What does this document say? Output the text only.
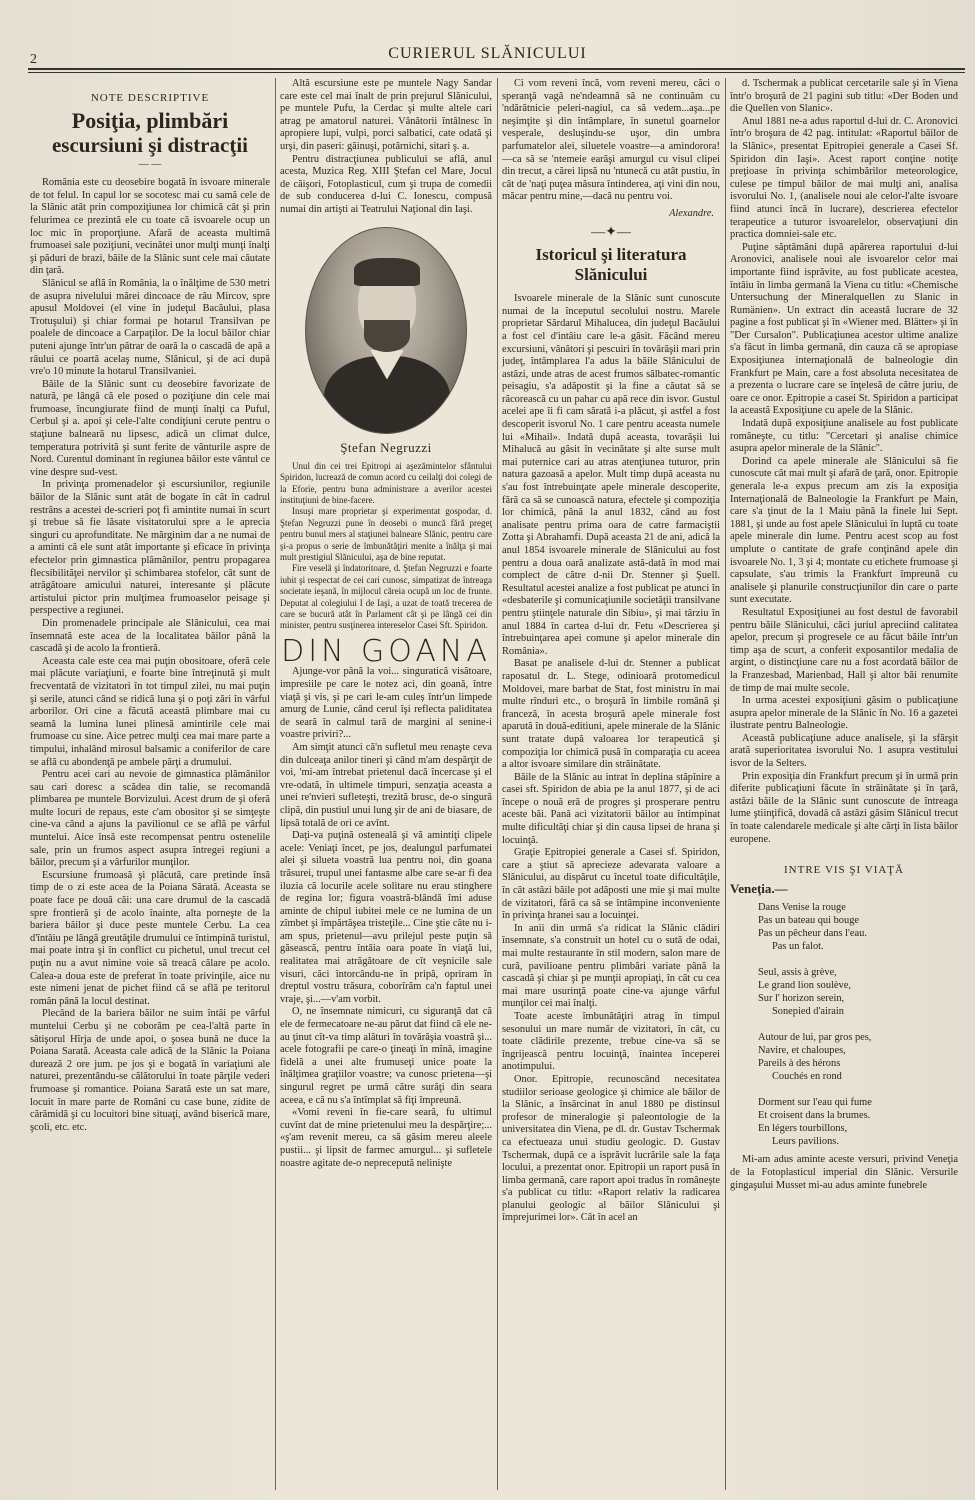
2	CURIERUL SLĂNICULUI
NOTE DESCRIPTIVE
Posiţia, plimbări
escursiuni şi distracţii
— —

România este cu deosebire bogată în isvoare minerale de tot felul. In capul lor se socotesc mai cu samă cele de la Slănic atât prin compoziţiunea lor chimică cât şi prin felurimea ce prezintă ele cu toate că isvoarele ocup un loc mic în proporţiune. Afară de aceasta multimă frumoasei sale poziţiuni, vecinătei unor mulţi munţi înalţi şi păduri de brazi, băile de la Slănic sunt cele mai căutate din ţară.

Slănicul se află în România, la o înălţime de 530 metri de asupra nivelului mărei dincoace de râu Mircov, spre apusul Moldovei (el vine în judeţul Bacăului, plasa Trotuşului) şi chiar formai pe hotarul Transilvan pe poalele de dincoace a Carpaţilor. De la locul băilor chiar puteni ajunge într'un pătrar de oară la o cascadă de apă a râului ce poartă acelaş nume, Slănicul, şi de aci după vre'o 10 minute la hotarul Transilvaniei.

Băile de la Slănic sunt cu deosebire favorizate de natură, pe lângă că ele posed o poziţiune din cele mai frumoase, încungiurate fiind de munţi înalţi ca Puful, Cerbul şi a. apoi şi cele-l'alte condiţiuni cerute pentru o staţiune balneară nu lipsesc, adică un climat dulce, temperatura potrivită şi sunt ferite de vânturile aspre de Nord. Curentul dominant în regiunea băilor este vântul ce vine despre sud-vest.

In privinţa promenadelor şi escursiunilor, regiunile băilor de la Slănic sunt atât de bogate în cât în cadrul restrâns a acestei de-scrieri poţ fi amintite numai în scurt şi trebue să fie lăsate visitatorului spre a le aprecia singuri cu aprofunditate. Ne mărginim dar a ne numai de a aminti că ele sunt atât importante şi eficace în privinţa efectelor prin gimnastica plămânilor, pentru propagarea flecsibilităţei nervilor şi schimbarea stofelor, cât sunt de atrăgătoare amicului naturei, interesante şi plăcute artistului pictor prin mulţimea frumoaselor peisage şi perspective a regiunei.

Din promenadele principale ale Slănicului, cea mai însemnată este acea de la localitatea băilor până la cascadă şi de acolo la frontieră.

Aceasta cale este cea mai puţin obositoare, oferă cele mai plăcute variaţiuni, e foarte bine întreţinută şi mult frecventată de vizitatori în tot timpul zilei, nu mai puţin şi serile, atunci când se ridică luna şi o poţi zări în vârful arborilor. Ori cine a făcută această plimbare mai cu seamă la lumina lunei plinesă amintirile cele mai frumoase cu sine. Aice petrec mulţi cea mai mare parte a timpului, inhalând mirosul balsamic a coniferilor de care se află cu abondenţă pe ambele părţi a drumului.

Pentru acei cari au nevoie de gimnastica plămânilor sau cari doresc a scădea din talie, se recomandă plimbarea pe muntele Borvizului. Acest drum de şi oferă multe locuri de repaus, este c'am obositor şi se simţeşte cine-va când a ajuns la pavilionul ce se află pe vârful muntelui. Aice însă este recompensat pentru ostenelile sale, prin un frumos aspect asupra întregei regiuni a băilor, precum şi a vârfurilor munţilor.

Escursiune frumoasă şi plăcută, care pretinde însă timp de o zi este acea de la Poiana Sărată. Aceasta se poate face pe două căi: una care drumul de la cascadă spre frontieră şi de acolo înainte, alta porneşte de la bariera băilor şi duce peste muntele Cerbu. La cea d'întâiu pe lângă greutăţile drumului ce întimpină turistul, mai poate intra şi în conflict cu pichetul, unul trecut cel puţin nu a avut nimine voie să treacă călare pe acolo. Calea-a doua este de preferat în toate privinţile, aice nu este nimeni jenat de pichet fiind că se află pe teritorul român până la locul destinat.

Plecând de la bariera băilor ne suim întâi pe vârful muntelui Cerbu şi ne coborâm pe cea-l'altă parte în sătişorul Hîrja de unde apoi, o şosea bună ne duce la Poiana Sarată. Aceasta cale adică de la Slănic la Poiana durează 2 ore jum. pe jos şi e bogată în variaţiuni ale naturei, prezentându-se călătorului în toate părţile vederi frumoase şi romantice. Poiana Sarată este un sat mare, locuit în mare parte de Români cu case bune, zidite de cărămidă şi cu locuitori bine situaţi, având biserică mare, şcoli, etc. etc.

Altă escursiune este pe muntele Nagy Sandar care este cel mai înalt de prin prejurul Slănicului, pe muntele Pufu, la Cerdac şi multe altele cari atrag pe amatorul naturei. Vânătorii întâlnesc în apropiere lupi, vulpi, porci salbatici, cate odată şi urşi, din paseri: găinuşi, potârnichi, sitari ş. a.

Pentru distracţiunea publicului se află, anul acesta, Muzica Reg. XIII Ştefan cel Mare, Jocul de căişori, Fotoplasticul, cum şi trupa de comedii de sub conducerea d-lui C. Ionescu, compusă numai din artişti ai Teatrului Naţional din Iaşi.

Ştefan Negruzzi

Unul din cei trei Epitropi ai aşezămintelor sfântului Spiridon, lucrează de comun acord cu ceilalţi doi colegi de la Eforie, pentru buna administrare a averilor acestei instituţiuni de bine-facere.

Insuşi mare proprietar şi experimentat gospodar, d. Ştefan Negruzzi pune în deosebi o muncă fără pregeţ pentru bunul mers al staţiunei balneare Slănic, pentru care şi-a propus o serie de îmbunătăţiri menite a înălţa şi mai mult prestigiul Slănicului, aşa de bine reputat.

Fire veselă şi îndatoritoare, d. Ştefan Negruzzi e foarte iubit şi respectat de cei cari cunosc, simpatizat de întreaga societate ieşană, în mijlocul căreia ocupă un loc de frunte. Deputat al colegiului I de Iaşi, a uzat de toată trecerea de care se bucură atât în Parlament cât şi pe lângă cei din minister, pentru susţinerea intereselor Casei Sft. Spiridon.

DIN GOANA

Ajunge-vor până la voi... singuratică visătoare, impresiile pe care le notez aci, din goană, între viaţă şi vis, şi pe cari le-am culeș într'un limpede amurg de Lunie, când cerul îşi reflecta paliditatea de seară în calmul tară de margini al senine-i voastre priviri?...

Am simţit atunci că'n sufletul meu renaşte ceva din dulceaţa anilor tineri şi când m'am despărţit de voi, 'mi-am întrebat prietenul dacă încercase şi el vre-odată, în ultimele timpuri, senzaţia aceasta a unei re'nvieri sufleteşti, trezită brusc, de-o singură clipă, din pustiul unui lung şir de ani de biasare, de lipsă totală de ori ce avînt.

Daţi-va puţină osteneală şi vă amintiţi clipele acele: Veniaţi încet, pe jos, dealungul parfumatei alei şi silueta voastră lua pentru noi, din goana trăsurei, trupul unei fantasme albe care se-ar fi dea iluzia că locurile acele solitare nu erau stinghere de regina lor; figura voastră-blândă îmi aduse aminte de chipul iubitei mele ce ne lumina de un zîmbet şi împărtăşea tristeţile... Cine ştie câte nu i-am spus, prietenul—avu prilejul peste puţin să găsească, pentru întâia oara poate în viaţă lui, realitatea mai atrăgătoare de cît veşnicile sale visuri, căci întorcându-ne în pripă, opriram în dreptul vostru trăsura, coborîrăm ca'n faptul unei vraje, şi...—v'am vorbit.

O, ne însemnate nimicuri, cu siguranţă dat că ele de fermecatoare ne-au părut dat fiind că ele ne-au ţinut cît-va timp alături în tovărăşia voastră şi... acele fotografii pe care-o ţineaţi în mînă, imagine fidelă a unei alte frumuseţi unice poate la înălţimea graţiilor voastre; va cunosc prietena—şi singurul regret pe urmă către surăţi din seara aceea, e că nu s'a întîmplat să fiţi împreună.

«Vomi reveni în fie-care seară, fu ultimul cuvînt dat de mine prietenului meu la despărţire;... «ş'am revenit mereu, ca să găsim mereu aleele pustii... şi lipsit de farmec amurgul... şi sufletele noastre agitate de-o neprecepută nelinişte

Ci vom reveni încă, vom reveni mereu, căci o speranţă vagă ne'ndeamnă să ne continuăm cu 'ndărătnicie peleri-nagiul, ca să vedem...aşa...pe neşimţite şi din întâmplare, în sunetul goarnelor vesperale, desluşindu-se uşor, din umbra parfumatelor alei, siluetele voastre—a amindorora! —ca să se 'ntemeie earăşi amurgul cu visul clipei din trecut, a cărei lipsă nu 'ntunecă cu atât pustiu, în cât de 'naţi puţea măsura întinderea, aţi vini din nou, măcar pentru mine,—dacă nu pentru voi.

Alexandre.
—✦—
Istoricul şi literatura Slănicului

Isvoarele minerale de la Slănic sunt cunoscute numai de la începutul secolului nostru. Marele proprietar Sărdarul Mihalucea, din judeţul Bacăului a fost cel d'intâiu care le-a găsit. Făcând mereu excursiuni, vânători şi pescuiri în tovărăşii mari prin judeţ, întâmplarea l'a adus la băile Slănicului de astăzi, unde atras de acest frumos sălbatec-romantic peisagiu, s'a adăpostit şi la fine a căutat să se răcorească cu un pahar cu apă rece din isvor. Gustul acelei ape îi fi cam sărată i-a plăcut, şi astfel a fost descoperit isvorul No. 1 care pentru aceasta numele lui «Mihail». Indată după aceasta, tovarăşii lui Mihalucă au găsit în vecinătate şi alte surse mult mai puternice cari au atras atenţiunea tuturor, prin natura gazoasă a apelor. Mult timp după aceasta nu s'au fost întrebuinţate apele minerale descoperite, fără ca să se cunoască natura, efectele şi compoziţia lor chimică, până la anul 1832, când au fost analisate pentru prima oara de catre farmaciştii Zotta şi Abrahamfi. După aceasta 21 de ani, adică la anul 1854 isvoarele minerale de Slănicului au fost pentru a doua oară analizate astă-dată în mod mai complect de către d-nii Dr. Stenner şi Şuell. Resultatul acestei analize a fost publicat pe atunci în «desbaterile şi comunicaţiunile societăţii transilvane pentru ştiinţele naturale din Sibiu», şi mai târziu în anul 1884 în cartea d-lui dr. Fetu «Descrierea şi întrebuinţarea apei comune şi apelor minerale din România».

Basat pe analisele d-lui dr. Stenner a publicat raposatul dr. L. Stege, odinioară protomedicul Moldovei, mare barbat de Stat, fost ministru în mai multe rînduri etc., o broşură în limbile română şi franceză, în acesta broşură apele minerale fost aparută în două-editiuni, apele minerale de la Slănic sunt tratate după valoarea lor terapeutică şi compoziţia lor chimică pusă în comparaţia cu aceea a altor isvoare similare din străinătate.

Băile de la Slănic au intrat în deplina stăpînire a casei sft. Spiridon de abia pe la anul 1877, şi de aci începe o nouă eră de progres şi prosperare pentru aceste băi. Pană aci vizitatorii băilor au întimpinat multe dificultăţi chiar şi din causa lipsei de hrana şi locuinţă.

Graţie Epitropiei generale a Casei sf. Spiridon, care a ştiut să aprecieze adevarata valoare a Slănicului, au dispărut cu încetul toate dificultăţile, în cât astăzi băile pot adăposti une mie şi mai multe de vizitatori, fără ca să se întâmpine inconveniente în privinţa hranei sau a locuinţei.

In anii din urmă s'a ridicat la Slănic clădiri însemnate, s'a construit un hotel cu o sută de odai, mai multe restaurante în stil modern, salon mare de cură, pavilioane pentru plimbări variate până la cascadă şi chiar şi pe munţii apropiaţi, în cât cu cea mai mare usurinţă poate cine-va ajunge vârful munţilor cei mai înalţi.

Toate aceste îmbunătăţiri atrag în timpul sesonului un mare număr de vizitatori, în cât, cu toate clădirile prezente, trebue cine-va să se îngrijească pentru locuinţă, înaintea începerei anotimpului.

Onor. Epitropie, recunoscând necesitatea studiilor serioase geologice şi chimice ale băilor de la Slănic, a însărcinat în anul 1880 pe distinsul profesor de mineralogie şi paleontologie de la universitatea din Viena, pe dl. dr. Gustav Tschermak ca efectueaza unui studiu geologic. D. Gustav Tschermak, după ce a isprăvit lucrările sale la faţa locului, a prezentat onor. Epitropii un raport pusă în limba germană, care raport apoi tradus în româneşte s'a publicat cu titlu: «Raport relativ la radicarea planului geologic al băilor Slănicului şi împrejurimei lor». Cât în acel an

d. Tschermak a publicat cercetarile sale şi în Viena într'o broşură de 21 pagini sub titlu: «Der Boden und die Quellen von Slanic».

Anul 1881 ne-a adus raportul d-lui dr. C. Aronovici într'o broşura de 42 pag. intitulat: «Raportul băilor de la Slănic», presentat Epitropiei generale a Casei Sf. Spiridon din Iaşi». Acest raport conţine notiţe preţioase în privinţa schimbărilor meteorologice, culese pe timpul băilor de mai mulţi ani, analisa isvorului No. 1, (analisele noui ale celor-l'alte isvoare fiind atunci încă în lucrare), descrierea efectelor terapeutice a tuturor isvoarelelor, observaţiuni din practica domniei-sale etc.

Puţine săptămâni după apărerea raportului d-lui Aronovici, analisele noui ale isvoarelor celor mai importante fiind isprăvite, au fost publicate acestea, întâiu în limba germană la Viena cu titlu: «Chemische Untersuchung der Mineralquellen zu Slanic in Rumänien». Un extract din această lucrare de 32 pagine a fost publicat şi în «Wiener med. Blätter» şi în "Der Cursalon". Publicaţiunea acestor ultime analize s'a făcut în limba germană, din cauza că se apropiase Exposiţiunea internaţională de balneologie din Frankfurt pe Main, care a fost absoluta necesitatea de a prezenta o lucrare care se înţelesă de către juriu, de oare ce onor. Epitropie a casei St. Spiridon a participat la această Exposiţiune cu apele de la Slănic.

Indată după exposiţiune analisele au fost publicate româneşte, cu titlu: "Cercetari şi analise chimice asupra apelor minerale de la Slănic".

Dorind ca apele minerale ale Slănicului să fie cunoscute cât mai mult şi afară de ţară, onor. Epitropie generala le-a expus precum am zis la exposiţia Internaţională de Balneologie la Frankfurt pe Main, care s'a ţinut de la 1 Maiu până la finele lui Sept. 1881, şi unde au fost apele Slănicului în luptă cu toate apele minerale din lume. Pentru acest scop au fost umplute o cantitate de grafe conţinând apele din isvoarele No. 1, 3 şi 4; montate cu etichete frumoase şi capsulate, s'au trimis la Frankfurt împreună cu analisele şi planurile construcţiunilor din care o parte sunt executate.

Resultatul Exposiţiunei au fost destul de favorabil pentru băile Slănicului, căci juriul apreciind calitatea apelor, precum şi progresele ce au făcut băile într'un timp aşa de scurt, a conferit exposantilor medalia de argint, o distincţiune care nu a fost acordată băilor de la Franzesbad, Marienbad, Hall şi altor băi renumite de timp de mai multe secole.

In urma acestei exposiţiuni găsim o publicaţiune asupra apelor minerale de la Slănic în No. 16 a gazetei ilustrate pentru Balneologie.

Această publicaţiune aduce analisele, şi la sfârşit arată superioritatea isvorului No. 1 asupra vestitului isvor de la Selters.

Prin exposiţia din Frankfurt precum şi în urmă prin diferite publicaţiuni făcute în străinătate şi în ţară, astăzi băile de la Slănic sunt cunoscute de întreaga lume ştiinţifică, dovadă că astăzi găsim Slănicul trecut în toate calendarele medicale şi alte cărţi în lista băilor europene.

INTRE VIS ŞI VIAŢĂ
Veneţia.—
Dans Venise la rouge
Pas un bateau qui bouge
Pas un pêcheur dans l'eau.
Pas un falot.

Seul, assis à grève,
Le grand lion soulève,
Sur l' horizon serein,
Sonepied d'airain

Autour de lui, par gros pes,
Navire, et chaloupes,
Pareils à des hérons
Couchés en rond

Dorment sur l'eau qui fume
Et croisent dans la brumes.
En légers tourbillons,
Leurs pavilions.

Mi-am adus aminte aceste versuri, privind Veneţia de la Fotoplasticul imperial din Slănic. Versurile gingaşului Musset mi-au adus aminte funebrele
